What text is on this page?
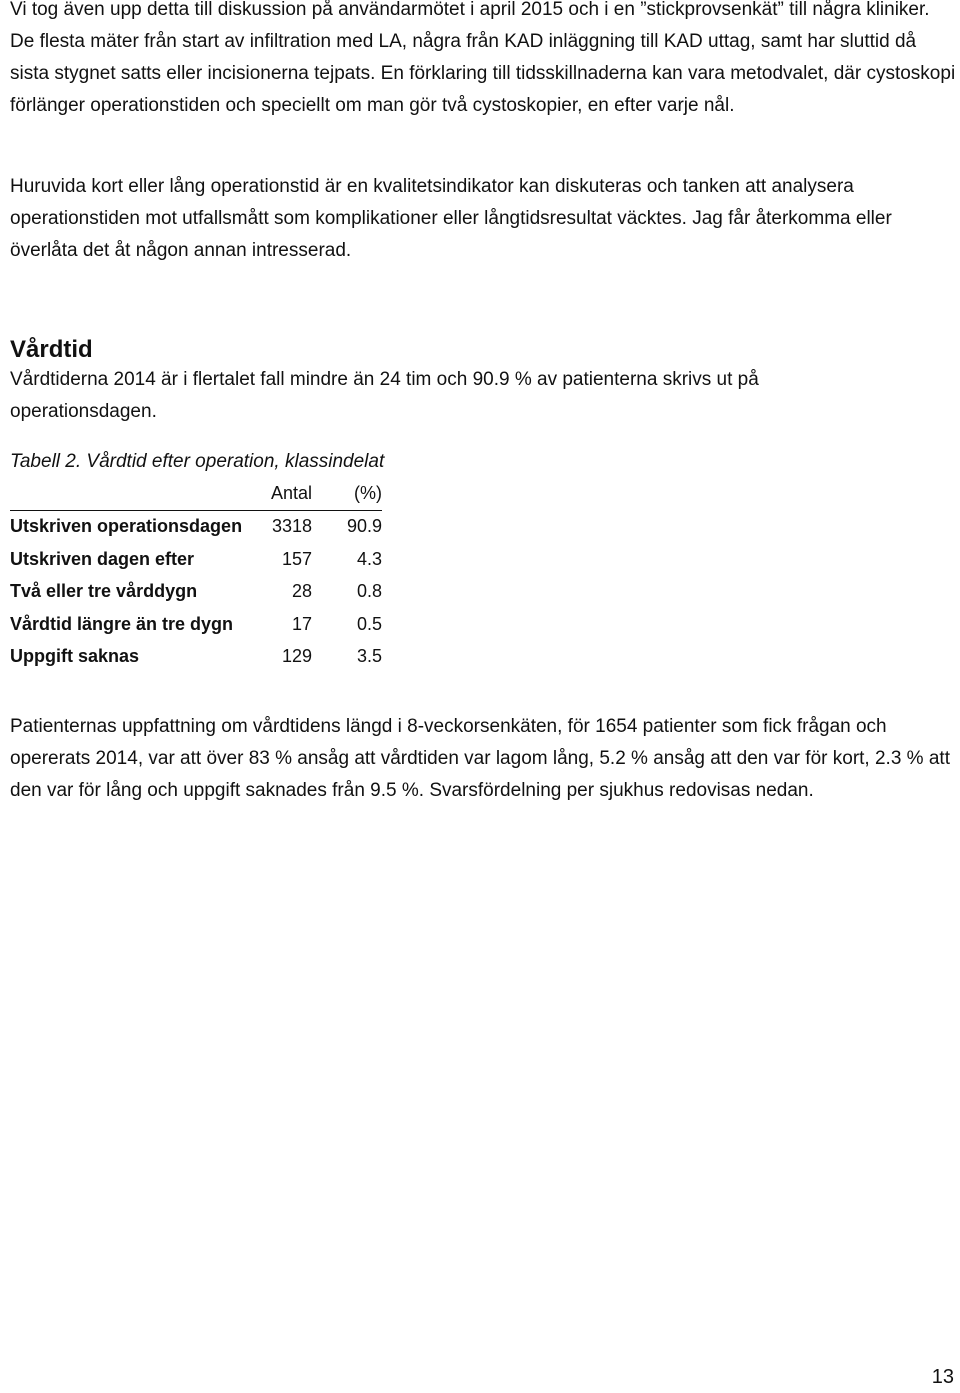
Vi tog även upp detta till diskussion på användarmötet i april 2015 och i en ”stickprovsenkät” till några kliniker. De flesta mäter från start av infiltration med LA, några från KAD inläggning till KAD uttag, samt har sluttid då sista stygnet satts eller incisionerna tejpats. En förklaring till tidsskillnaderna kan vara metodvalet, där cystoskopi förlänger operationstiden och speciellt om man gör två cystoskopier, en efter varje nål.

Huruvida kort eller lång operationstid är en kvalitetsindikator kan diskuteras och tanken att analysera operationstiden mot utfallsmått som komplikationer eller långtidsresultat väcktes. Jag får återkomma eller överlåta det åt någon annan intresserad.

Vårdtid

Vårdtiderna 2014 är i flertalet fall mindre än 24 tim och 90.9 % av patienterna skrivs ut på operationsdagen.

Tabell 2. Vårdtid efter operation, klassindelat

	Antal	(%)
Utskriven operationsdagen	3318	90.9
Utskriven dagen efter	157	4.3
Två eller tre vårddygn	28	0.8
Vårdtid längre än tre dygn	17	0.5
Uppgift saknas	129	3.5

Patienternas uppfattning om vårdtidens längd i 8-veckorsenkäten, för 1654 patienter som fick frågan och opererats 2014, var att över 83 % ansåg att vårdtiden var lagom lång, 5.2 % ansåg att den var för kort, 2.3 % att den var för lång och uppgift saknades från 9.5 %. Svarsfördelning per sjukhus redovisas nedan.

13
